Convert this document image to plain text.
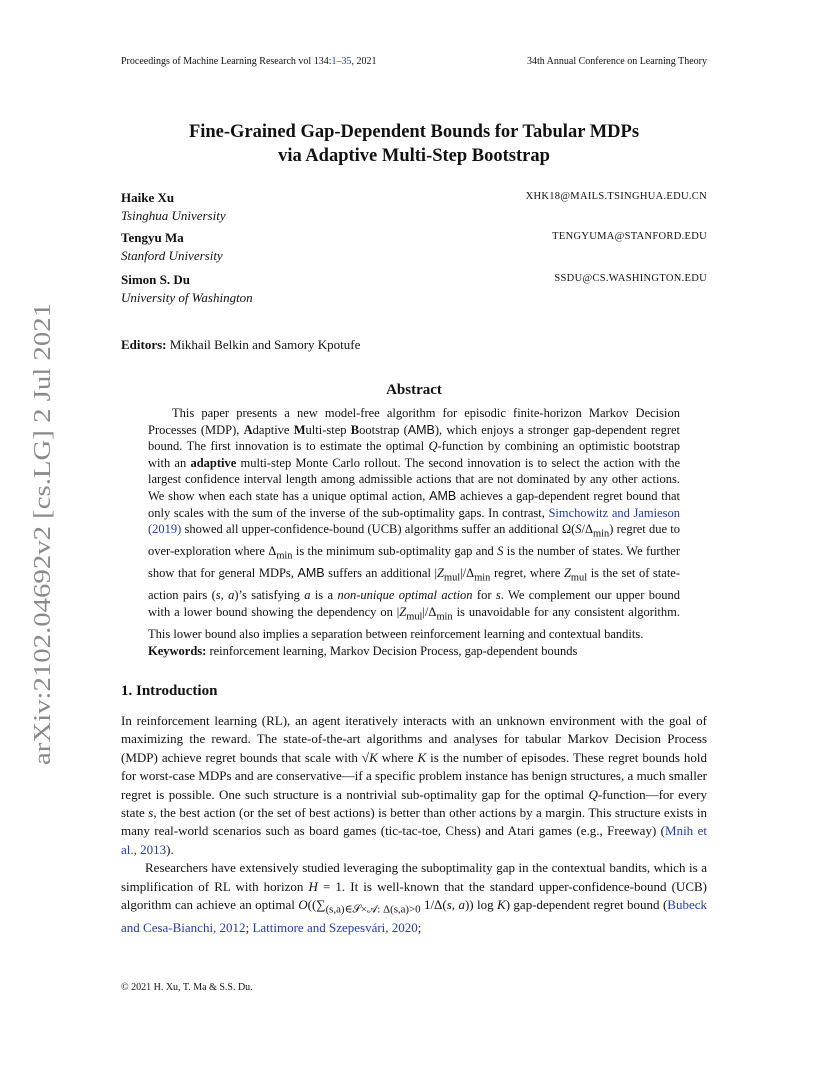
arXiv:2102.04692v2 [cs.LG] 2 Jul 2021
Proceedings of Machine Learning Research vol 134:1–35, 2021	34th Annual Conference on Learning Theory
Fine-Grained Gap-Dependent Bounds for Tabular MDPs
via Adaptive Multi-Step Bootstrap
Haike Xu
Tsinghua University
XHK18@MAILS.TSINGHUA.EDU.CN
Tengyu Ma
Stanford University
TENGYUMA@STANFORD.EDU
Simon S. Du
University of Washington
SSDU@CS.WASHINGTON.EDU
Editors: Mikhail Belkin and Samory Kpotufe
Abstract

This paper presents a new model-free algorithm for episodic finite-horizon Markov Decision Processes (MDP), Adaptive Multi-step Bootstrap (AMB), which enjoys a stronger gap-dependent regret bound. The first innovation is to estimate the optimal Q-function by combining an optimistic bootstrap with an adaptive multi-step Monte Carlo rollout. The second innovation is to select the action with the largest confidence interval length among admissible actions that are not dominated by any other actions. We show when each state has a unique optimal action, AMB achieves a gap-dependent regret bound that only scales with the sum of the inverse of the sub-optimality gaps. In contrast, Simchowitz and Jamieson (2019) showed all upper-confidence-bound (UCB) algorithms suffer an additional $\Omega(S/\Delta_{min})$ regret due to over-exploration where $\Delta_{min}$ is the minimum sub-optimality gap and S is the number of states. We further show that for general MDPs, AMB suffers an additional $|Z_{mul}|/\Delta_{min}$ regret, where $Z_{mul}$ is the set of state-action pairs (s, a)’s satisfying a is a non-unique optimal action for s. We complement our upper bound with a lower bound showing the dependency on $|Z_{mul}|/\Delta_{min}$ is unavoidable for any consistent algorithm. This lower bound also implies a separation between reinforcement learning and contextual bandits.

Keywords: reinforcement learning, Markov Decision Process, gap-dependent bounds
1. Introduction

In reinforcement learning (RL), an agent iteratively interacts with an unknown environment with the goal of maximizing the reward. The state-of-the-art algorithms and analyses for tabular Markov Decision Process (MDP) achieve regret bounds that scale with √K where K is the number of episodes. These regret bounds hold for worst-case MDPs and are conservative—if a specific problem instance has benign structures, a much smaller regret is possible. One such structure is a nontrivial sub-optimality gap for the optimal Q-function—for every state s, the best action (or the set of best actions) is better than other actions by a margin. This structure exists in many real-world scenarios such as board games (tic-tac-toe, Chess) and Atari games (e.g., Freeway) (Mnih et al., 2013).

Researchers have extensively studied leveraging the suboptimality gap in the contextual bandits, which is a simplification of RL with horizon H = 1. It is well-known that the standard upper-confidence-bound (UCB) algorithm can achieve an optimal $O((\sum_{(s,a)\in 𝒮\times 𝒜: \Delta(s,a)>0}$ 1/Δ(s, a)) log K) gap-dependent regret bound (Bubeck and Cesa-Bianchi, 2012; Lattimore and Szepesvári, 2020;

© 2021 H. Xu, T. Ma & S.S. Du.
